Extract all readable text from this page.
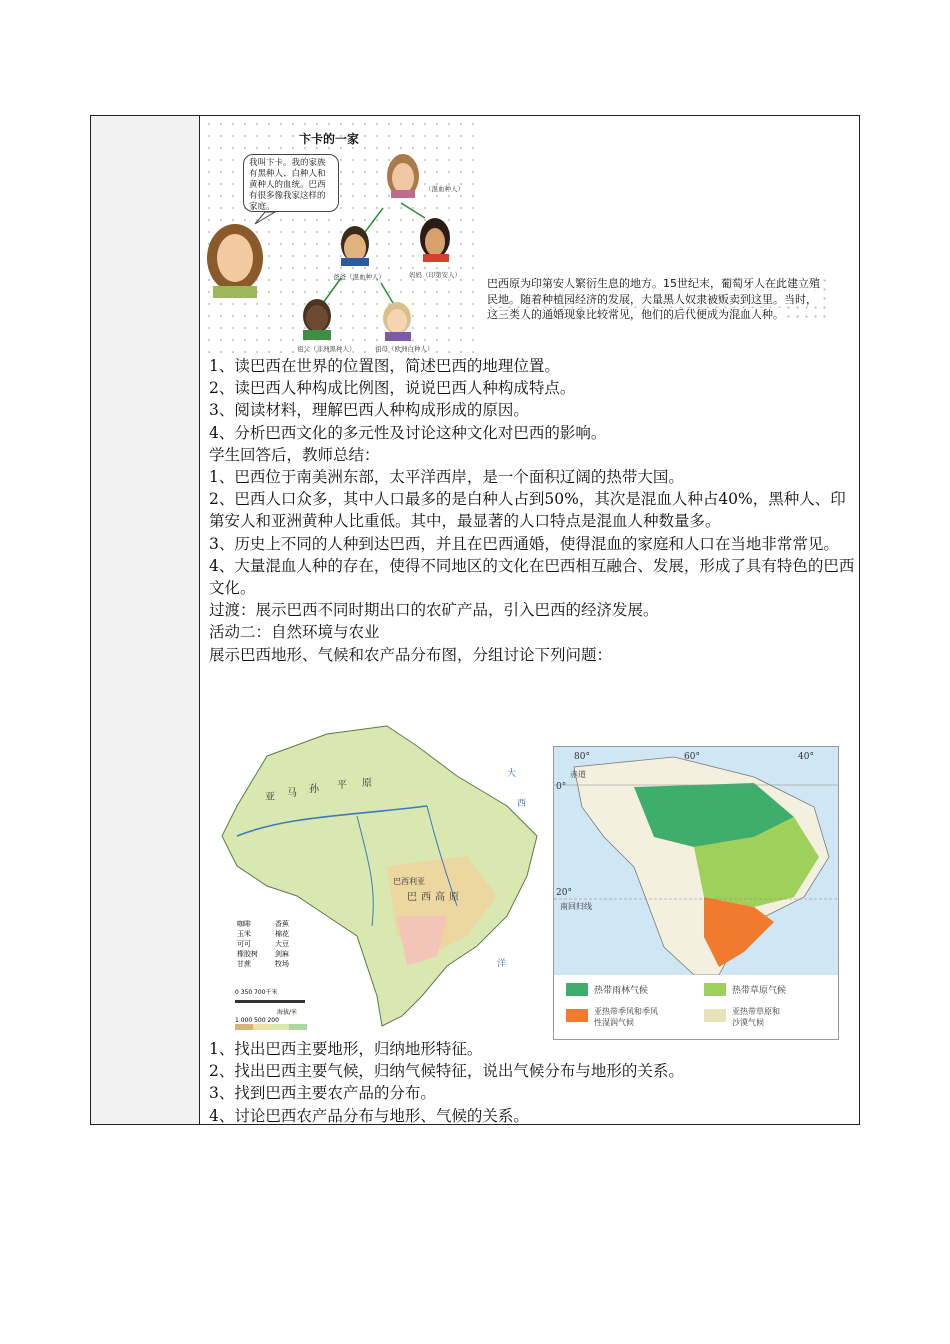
卞卡的一家
我叫卞卡。我的家族有黑种人、白种人和黄种人的血统。巴西有很多像我家这样的家庭。
（混血种人）
爸爸（混血种人）	妈妈（印第安人）
祖父（非洲黑种人）	祖母（欧洲白种人）
巴西原为印第安人繁衍生息的地方。15世纪末，葡萄牙人在此建立殖民地。随着种植园经济的发展，大量黑人奴隶被贩卖到这里。当时，这三类人的通婚现象比较常见，他们的后代便成为混血人种。

1、读巴西在世界的位置图，简述巴西的地理位置。

2、读巴西人种构成比例图，说说巴西人种构成特点。

3、阅读材料，理解巴西人种构成形成的原因。

4、分析巴西文化的多元性及讨论这种文化对巴西的影响。

学生回答后，教师总结：

1、巴西位于南美洲东部，太平洋西岸，是一个面积辽阔的热带大国。

2、巴西人口众多，其中人口最多的是白种人占到50%，其次是混血人种占40%，黑种人、印第安人和亚洲黄种人比重低。其中，最显著的人口特点是混血人种数量多。

3、历史上不同的人种到达巴西，并且在巴西通婚，使得混血的家庭和人口在当地非常常见。

4、大量混血人种的存在，使得不同地区的文化在巴西相互融合、发展，形成了具有特色的巴西文化。

过渡：展示巴西不同时期出口的农矿产品，引入巴西的经济发展。

活动二：自然环境与农业

展示巴西地形、气候和农产品分布图，分组讨论下列问题：

亚 马 孙 平 原
巴 西 高 原
巴西利亚
大
西
洋
咖啡	香蕉
玉米	棉花
可可	大豆
橡胶树 剑麻
甘蔗	牧场
0 350 700千米
海拔/米
1 000 500 200
80°	60°	40°
0°
20°
赤道
南回归线
热带雨林气候	热带草原气候
亚热带季风和季风性湿润气候
亚热带草原和沙漠气候

1、找出巴西主要地形，归纳地形特征。

2、找出巴西主要气候，归纳气候特征，说出气候分布与地形的关系。

3、找到巴西主要农产品的分布。

4、讨论巴西农产品分布与地形、气候的关系。
